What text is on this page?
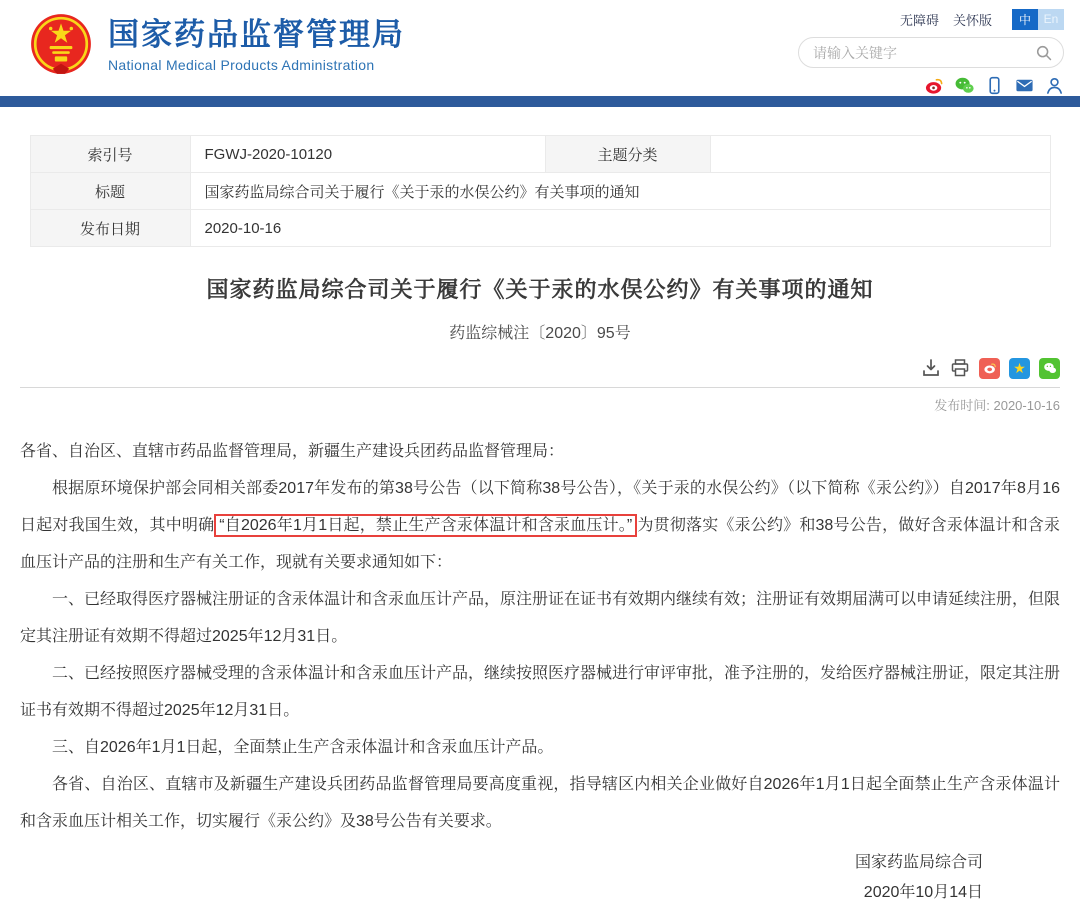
国家药品监督管理局
National Medical Products Administration
无障碍 关怀版	中	En
请输入关键字
索引号	FGWJ-2020-10120	主题分类	
标题	国家药监局综合司关于履行《关于汞的水俣公约》有关事项的通知		
发布日期	2020-10-16		
国家药监局综合司关于履行《关于汞的水俣公约》有关事项的通知
药监综械注〔2020〕95号
★
发布时间: 2020-10-16

各省、自治区、直辖市药品监督管理局，新疆生产建设兵团药品监督管理局：

根据原环境保护部会同相关部委2017年发布的第38号公告（以下简称38号公告），《关于汞的水俣公约》（以下简称《汞公约》）自2017年8月16日起对我国生效，其中明确 “自2026年1月1日起，禁止生产含汞体温计和含汞血压计。” 为贯彻落实《汞公约》和38号公告，做好含汞体温计和含汞血压计产品的注册和生产有关工作，现就有关要求通知如下：

一、已经取得医疗器械注册证的含汞体温计和含汞血压计产品，原注册证在证书有效期内继续有效；注册证有效期届满可以申请延续注册，但限定其注册证有效期不得超过2025年12月31日。

二、已经按照医疗器械受理的含汞体温计和含汞血压计产品，继续按照医疗器械进行审评审批，准予注册的，发给医疗器械注册证，限定其注册证书有效期不得超过2025年12月31日。

三、自2026年1月1日起，全面禁止生产含汞体温计和含汞血压计产品。

各省、自治区、直辖市及新疆生产建设兵团药品监督管理局要高度重视，指导辖区内相关企业做好自2026年1月1日起全面禁止生产含汞体温计和含汞血压计相关工作，切实履行《汞公约》及38号公告有关要求。

国家药监局综合司

2020年10月14日
